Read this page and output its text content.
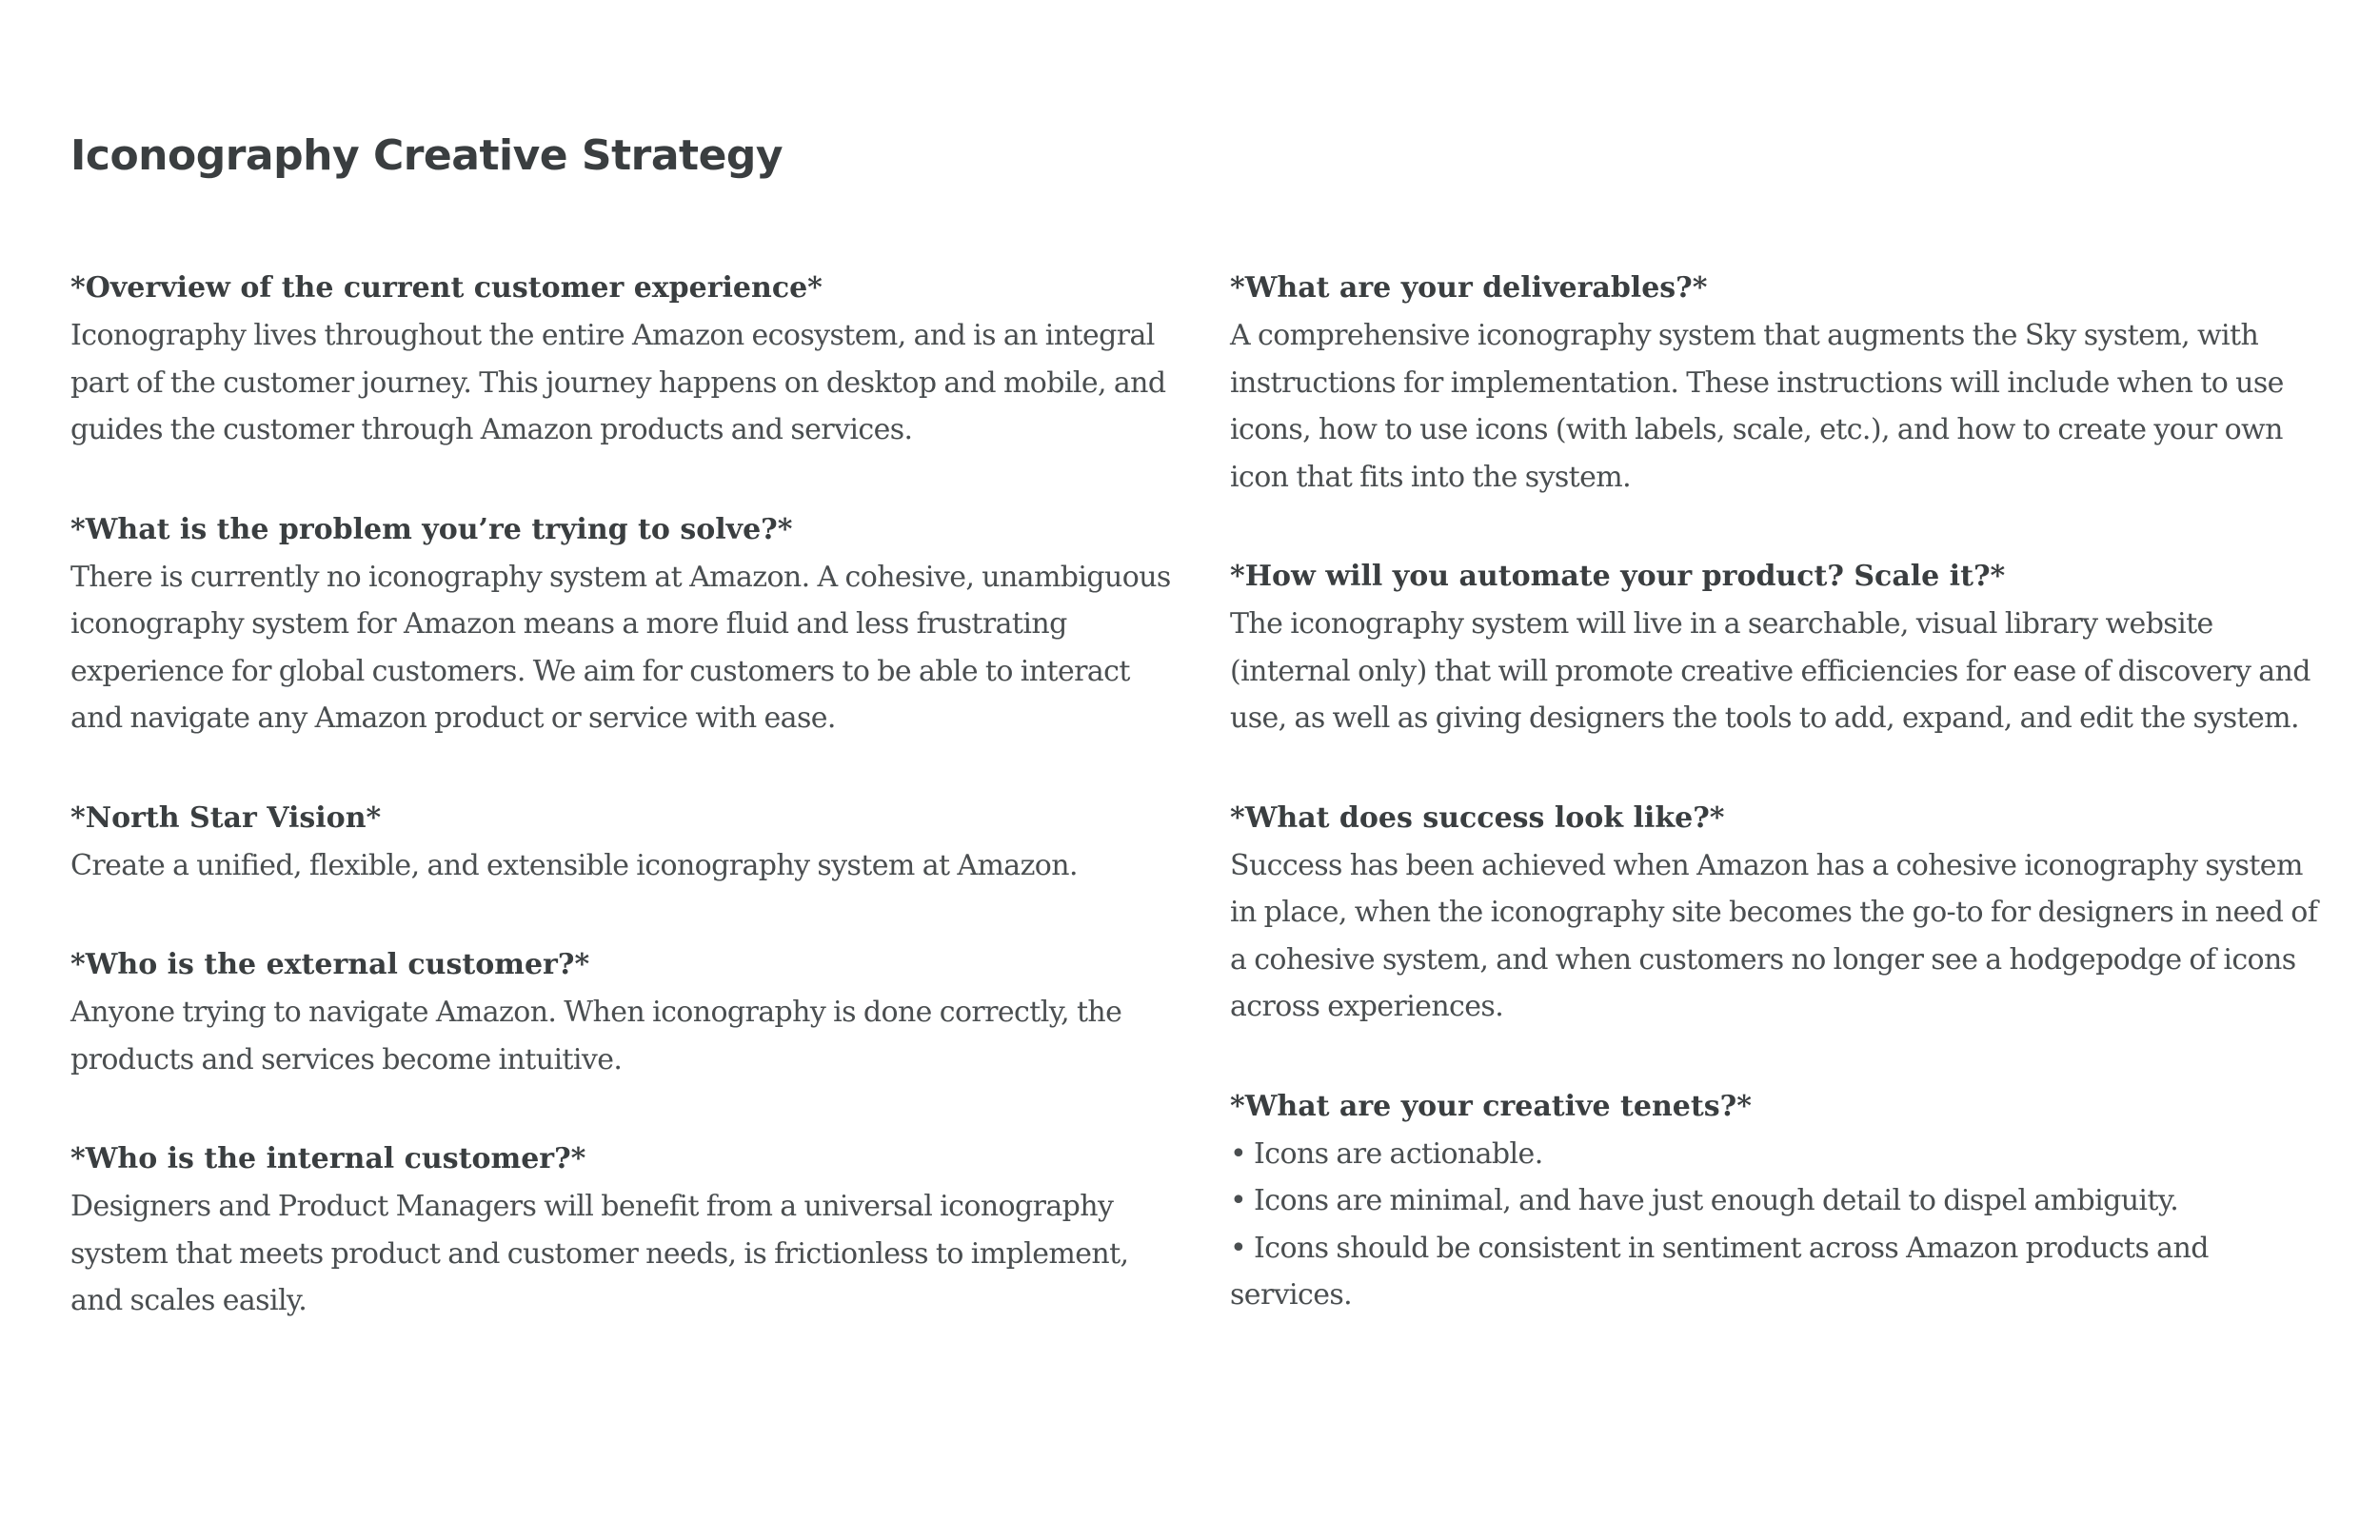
Iconography Creative Strategy

*Overview of the current customer experience*

Iconography lives throughout the entire Amazon ecosystem, and is an integral part of the customer journey. This journey happens on desktop and mobile, and guides the customer through Amazon products and services.

*What is the problem you’re trying to solve?*

There is currently no iconography system at Amazon. A cohesive, unambiguous iconography system for Amazon means a more fluid and less frustrating experience for global customers. We aim for customers to be able to interact and navigate any Amazon product or service with ease.

*North Star Vision*

Create a unified, flexible, and extensible iconography system at Amazon.

*Who is the external customer?*

Anyone trying to navigate Amazon. When iconography is done correctly, the products and services become intuitive.

*Who is the internal customer?*

Designers and Product Managers will benefit from a universal iconography system that meets product and customer needs, is frictionless to implement, and scales easily.

*What are your deliverables?*

A comprehensive iconography system that augments the Sky system, with instructions for implementation. These instructions will include when to use icons, how to use icons (with labels, scale, etc.), and how to create your own icon that fits into the system.

*How will you automate your product? Scale it?*

The iconography system will live in a searchable, visual library website (internal only) that will promote creative efficiencies for ease of discovery and use, as well as giving designers the tools to add, expand, and edit the system.

*What does success look like?*

Success has been achieved when Amazon has a cohesive iconography system in place, when the iconography site becomes the go-to for designers in need of a cohesive system, and when customers no longer see a hodgepodge of icons across experiences.

*What are your creative tenets?*

• Icons are actionable.
• Icons are minimal, and have just enough detail to dispel ambiguity.
• Icons should be consistent in sentiment across Amazon products and services.
